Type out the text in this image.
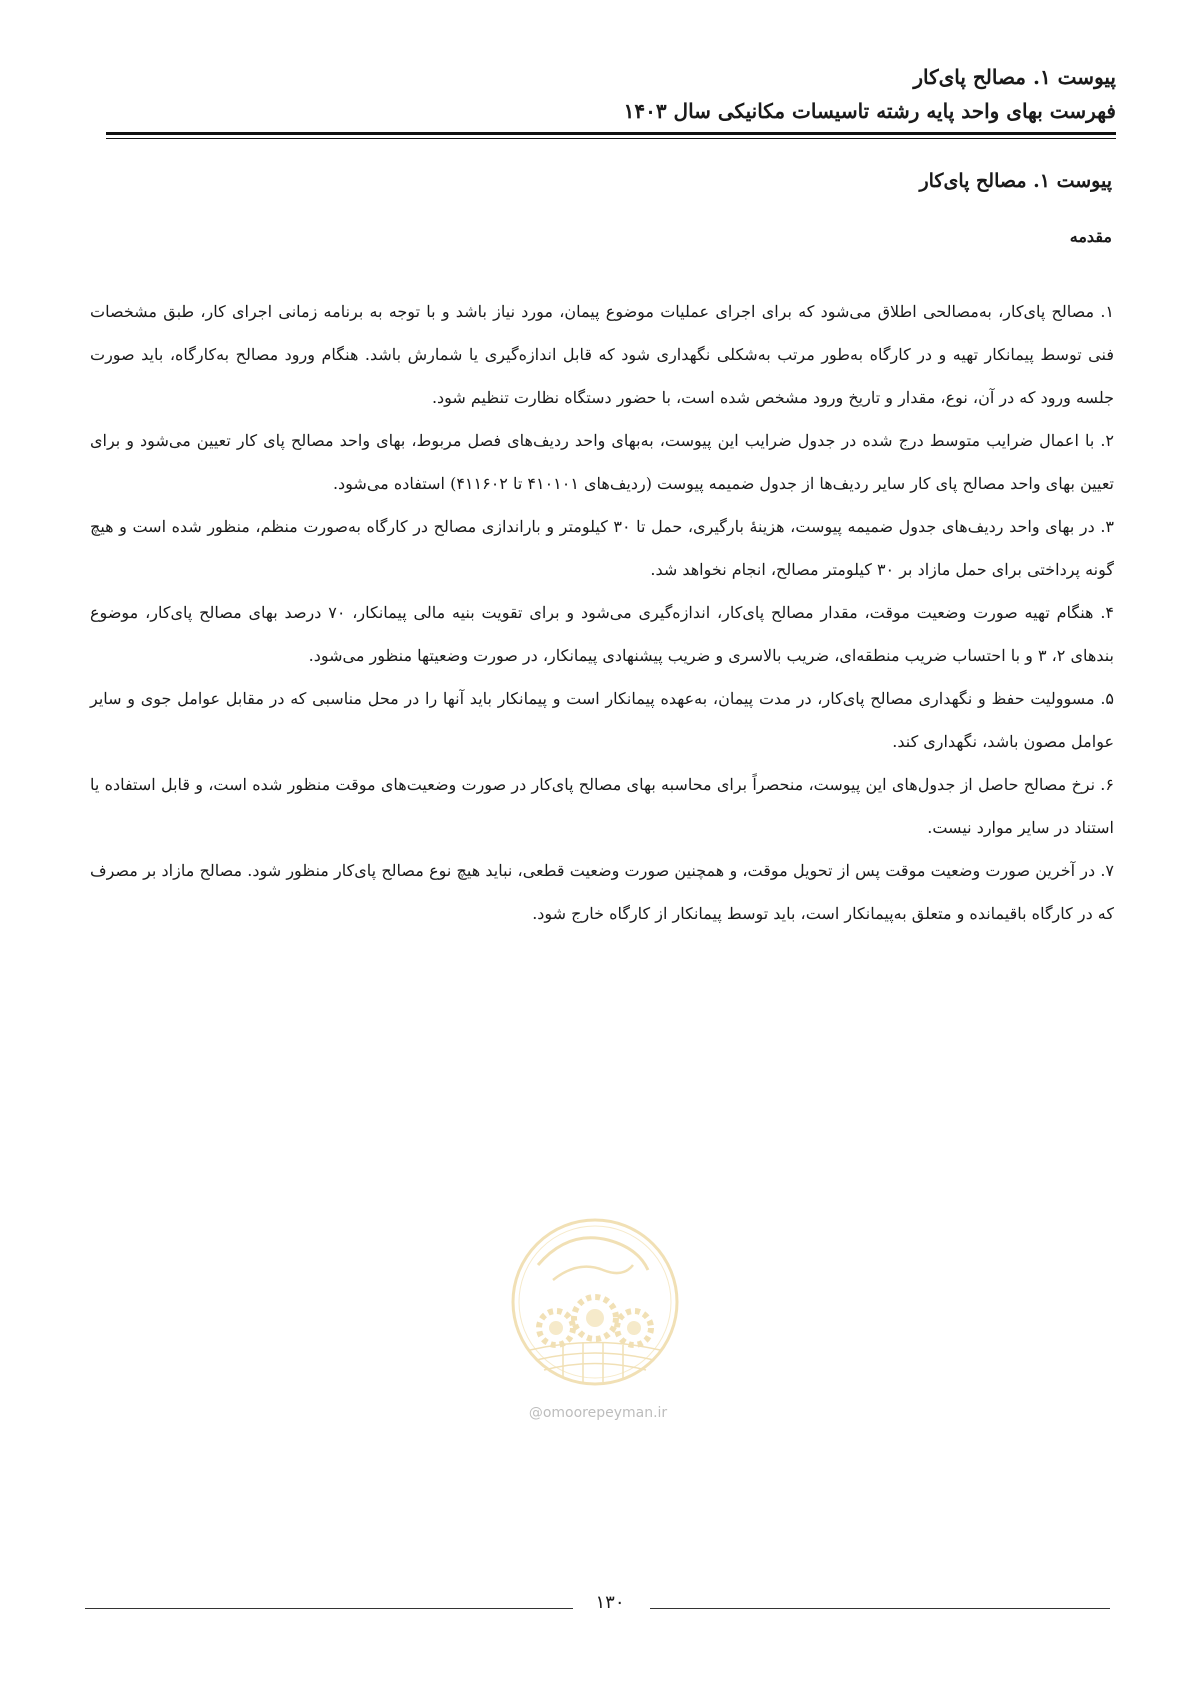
پیوست ۱. مصالح پای‌کار
فهرست بهای واحد پایه رشته تاسیسات مکانیکی سال ۱۴۰۳
پیوست ۱. مصالح پای‌کار
مقدمه

۱. مصالح پای‌کار، به‌مصالحی اطلاق می‌شود که برای اجرای عملیات موضوع پیمان، مورد نیاز باشد و با توجه به برنامه زمانی اجرای کار، طبق مشخصات فنی توسط پیمانکار تهیه و در کارگاه به‌طور مرتب به‌شکلی نگهداری شود که قابل اندازه‌گیری یا شمارش باشد. هنگام ورود مصالح به‌کارگاه، باید صورت جلسه ورود که در آن، نوع، مقدار و تاریخ ورود مشخص شده است، با حضور دستگاه نظارت تنظیم شود.

۲. با اعمال ضرایب متوسط درج شده در جدول ضرایب این پیوست، به‌بهای واحد ردیف‌های فصل مربوط، بهای واحد مصالح پای کار تعیین می‌شود و برای تعیین بهای واحد مصالح پای کار سایر ردیف‌ها از جدول ضمیمه پیوست (ردیف‌های ۴۱۰۱۰۱ تا ۴۱۱۶۰۲) استفاده می‌شود.

۳. در بهای واحد ردیف‌های جدول ضمیمه پیوست، هزینهٔ بارگیری، حمل تا ۳۰ کیلومتر و باراندازی مصالح در کارگاه به‌صورت منظم، منظور شده است و هیچ گونه پرداختی برای حمل مازاد بر ۳۰ کیلومتر مصالح، انجام نخواهد شد.

۴. هنگام تهیه صورت وضعیت موقت، مقدار مصالح پای‌کار، اندازه‌گیری می‌شود و برای تقویت بنیه مالی پیمانکار، ۷۰ درصد بهای مصالح پای‌کار، موضوع بندهای ۲، ۳ و با احتساب ضریب منطقه‌ای، ضریب بالاسری و ضریب پیشنهادی پیمانکار، در صورت وضعیتها منظور می‌شود.

۵. مسوولیت حفظ و نگهداری مصالح پای‌کار، در مدت پیمان، به‌عهده پیمانکار است و پیمانکار باید آنها را در محل مناسبی که در مقابل عوامل جوی و سایر عوامل مصون باشد، نگهداری کند.

۶. نرخ مصالح حاصل از جدول‌های این پیوست، منحصراً برای محاسبه بهای مصالح پای‌کار در صورت وضعیت‌های موقت منظور شده است، و قابل استفاده یا استناد در سایر موارد نیست.

۷. در آخرین صورت وضعیت موقت پس از تحویل موقت، و همچنین صورت وضعیت قطعی، نباید هیچ نوع مصالح پای‌کار منظور شود. مصالح مازاد بر مصرف که در کارگاه باقیمانده و متعلق به‌پیمانکار است، باید توسط پیمانکار از کارگاه خارج شود.

@omoorepeyman.ir
۱۳۰
